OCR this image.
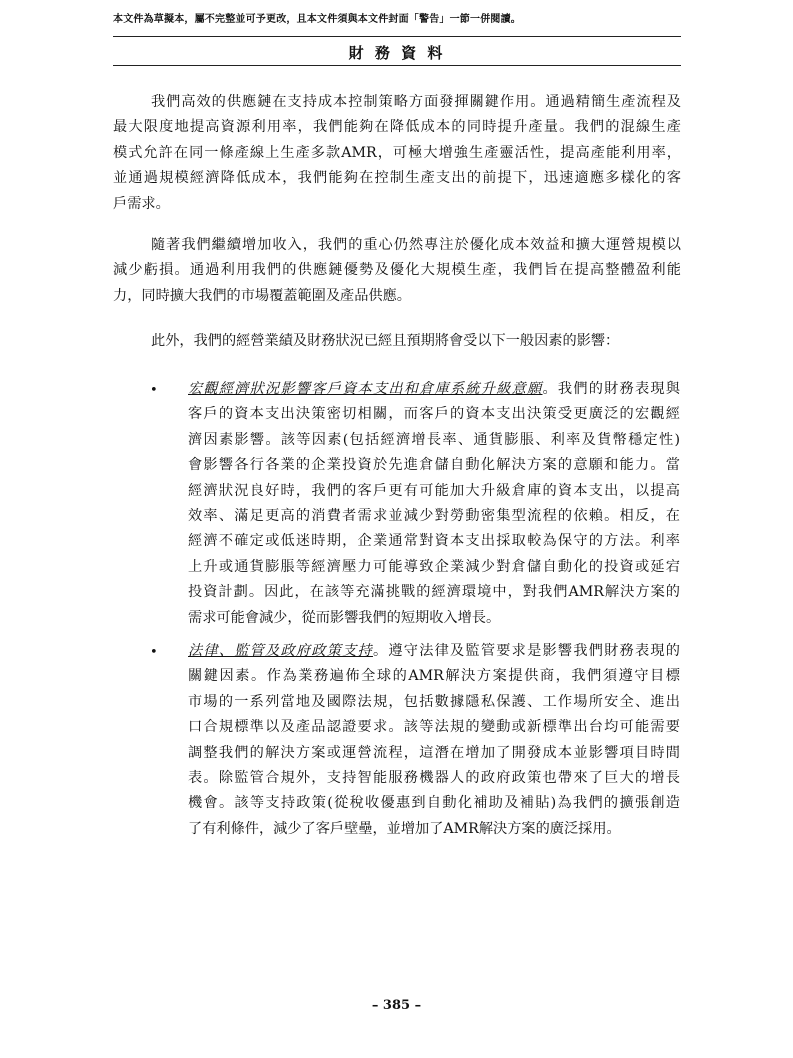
本文件為草擬本，屬不完整並可予更改，且本文件須與本文件封面「警告」一節一併閱讀。
財 務 資 料

我們高效的供應鏈在支持成本控制策略方面發揮關鍵作用。通過精簡生產流程及
最大限度地提高資源利用率，我們能夠在降低成本的同時提升產量。我們的混線生產
模式允許在同一條產線上生產多款AMR，可極大增強生產靈活性，提高產能利用率，
並通過規模經濟降低成本，我們能夠在控制生產支出的前提下，迅速適應多樣化的客
戶需求。

隨著我們繼續增加收入，我們的重心仍然專注於優化成本效益和擴大運營規模以
減少虧損。通過利用我們的供應鏈優勢及優化大規模生產，我們旨在提高整體盈利能
力，同時擴大我們的市場覆蓋範圍及產品供應。

此外，我們的經營業績及財務狀況已經且預期將會受以下一般因素的影響：

• 宏觀經濟狀況影響客戶資本支出和倉庫系統升級意願。我們的財務表現與
客戶的資本支出決策密切相關，而客戶的資本支出決策受更廣泛的宏觀經
濟因素影響。該等因素(包括經濟增長率、通貨膨脹、利率及貨幣穩定性)
會影響各行各業的企業投資於先進倉儲自動化解決方案的意願和能力。當
經濟狀況良好時，我們的客戶更有可能加大升級倉庫的資本支出，以提高
效率、滿足更高的消費者需求並減少對勞動密集型流程的依賴。相反，在
經濟不確定或低迷時期，企業通常對資本支出採取較為保守的方法。利率
上升或通貨膨脹等經濟壓力可能導致企業減少對倉儲自動化的投資或延宕
投資計劃。因此，在該等充滿挑戰的經濟環境中，對我們AMR解決方案的
需求可能會減少，從而影響我們的短期收入增長。

• 法律、監管及政府政策支持。遵守法律及監管要求是影響我們財務表現的
關鍵因素。作為業務遍佈全球的AMR解決方案提供商，我們須遵守目標
市場的一系列當地及國際法規，包括數據隱私保護、工作場所安全、進出
口合規標準以及產品認證要求。該等法規的變動或新標準出台均可能需要
調整我們的解決方案或運營流程，這潛在增加了開發成本並影響項目時間
表。除監管合規外，支持智能服務機器人的政府政策也帶來了巨大的增長
機會。該等支持政策(從稅收優惠到自動化補助及補貼)為我們的擴張創造
了有利條件，減少了客戶壁壘，並增加了AMR解決方案的廣泛採用。

– 385 –
